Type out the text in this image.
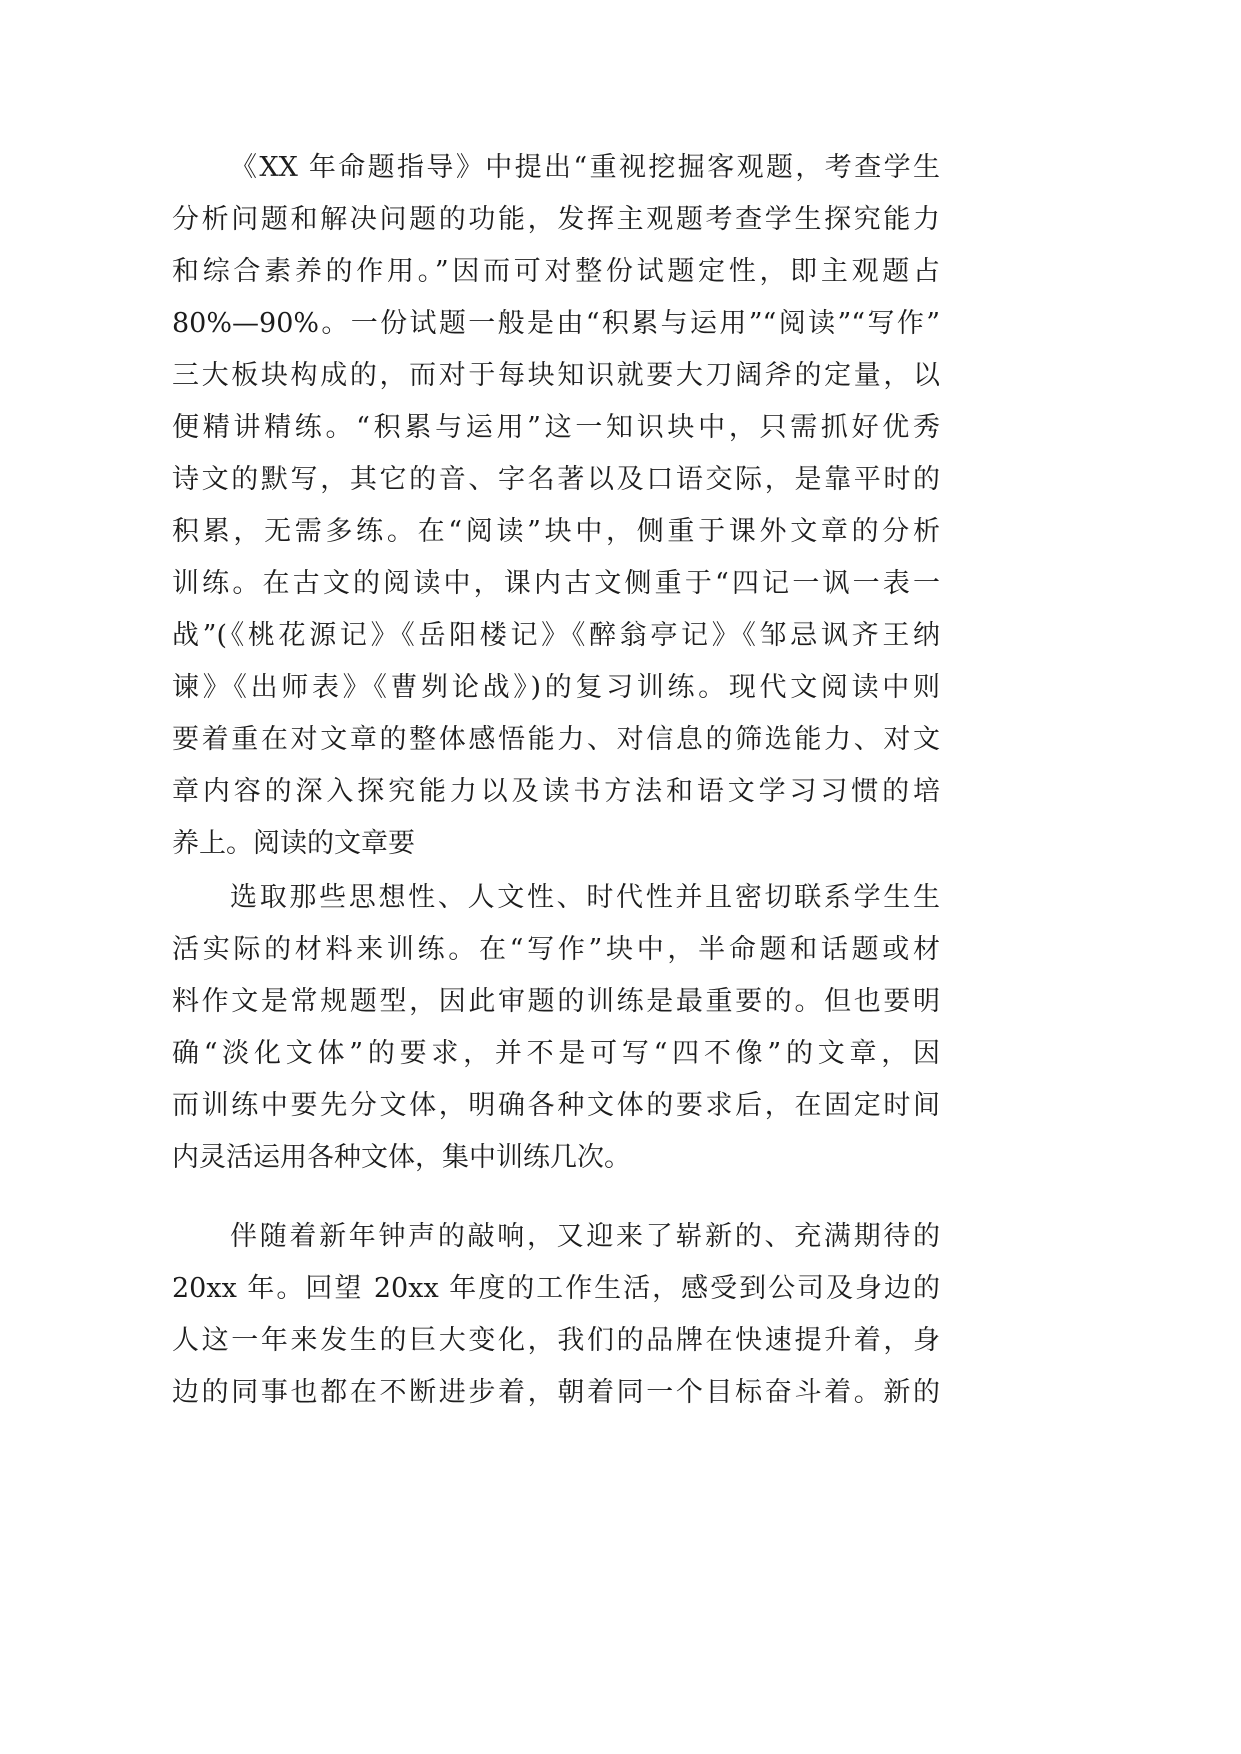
《XX 年命题指导》中提出“重视挖掘客观题，考查学生
分析问题和解决问题的功能，发挥主观题考查学生探究能力
和综合素养的作用。”因而可对整份试题定性，即主观题占
80%—90%。一份试题一般是由“积累与运用”“阅读”“写作”
三大板块构成的，而对于每块知识就要大刀阔斧的定量，以
便精讲精练。“积累与运用”这一知识块中，只需抓好优秀
诗文的默写，其它的音、字名著以及口语交际，是靠平时的
积累，无需多练。在“阅读”块中，侧重于课外文章的分析
训练。在古文的阅读中，课内古文侧重于“四记一讽一表一
战”(《桃花源记》《岳阳楼记》《醉翁亭记》《邹忌讽齐王纳
谏》《出师表》《曹刿论战》)的复习训练。现代文阅读中则
要着重在对文章的整体感悟能力、对信息的筛选能力、对文
章内容的深入探究能力以及读书方法和语文学习习惯的培
养上。阅读的文章要
选取那些思想性、人文性、时代性并且密切联系学生生
活实际的材料来训练。在“写作”块中，半命题和话题或材
料作文是常规题型，因此审题的训练是最重要的。但也要明
确“淡化文体”的要求，并不是可写“四不像”的文章，因
而训练中要先分文体，明确各种文体的要求后，在固定时间
内灵活运用各种文体，集中训练几次。
伴随着新年钟声的敲响，又迎来了崭新的、充满期待的
20xx 年。回望 20xx 年度的工作生活，感受到公司及身边的
人这一年来发生的巨大变化，我们的品牌在快速提升着，身
边的同事也都在不断进步着，朝着同一个目标奋斗着。新的
